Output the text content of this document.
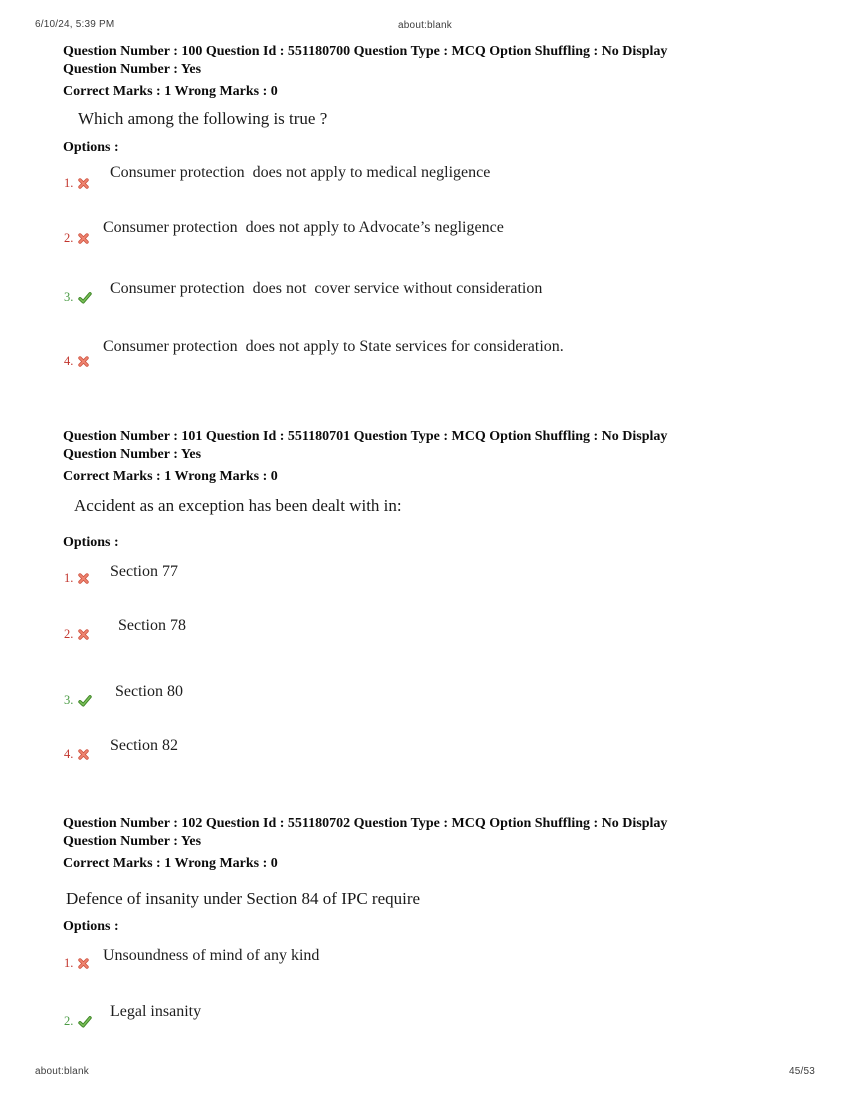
6/10/24, 5:39 PM	about:blank
Question Number : 100 Question Id : 551180700 Question Type : MCQ Option Shuffling : No Display
Question Number : Yes
Correct Marks : 1 Wrong Marks : 0
Which among the following is true ?
Options :
1.
Consumer protection  does not apply to medical negligence
2.
Consumer protection  does not apply to Advocate’s negligence
3. Consumer protection  does not  cover service without consideration
4.
Consumer protection  does not apply to State services for consideration.
Question Number : 101 Question Id : 551180701 Question Type : MCQ Option Shuffling : No Display
Question Number : Yes
Correct Marks : 1 Wrong Marks : 0
Accident as an exception has been dealt with in:
Options :
1. Section 77
2.	Section 78
3.	Section 80
4. Section 82
Question Number : 102 Question Id : 551180702 Question Type : MCQ Option Shuffling : No Display
Question Number : Yes
Correct Marks : 1 Wrong Marks : 0
Defence of insanity under Section 84 of IPC require
Options :
1. Unsoundness of mind of any kind
2.
Legal insanity
about:blank	45/53
